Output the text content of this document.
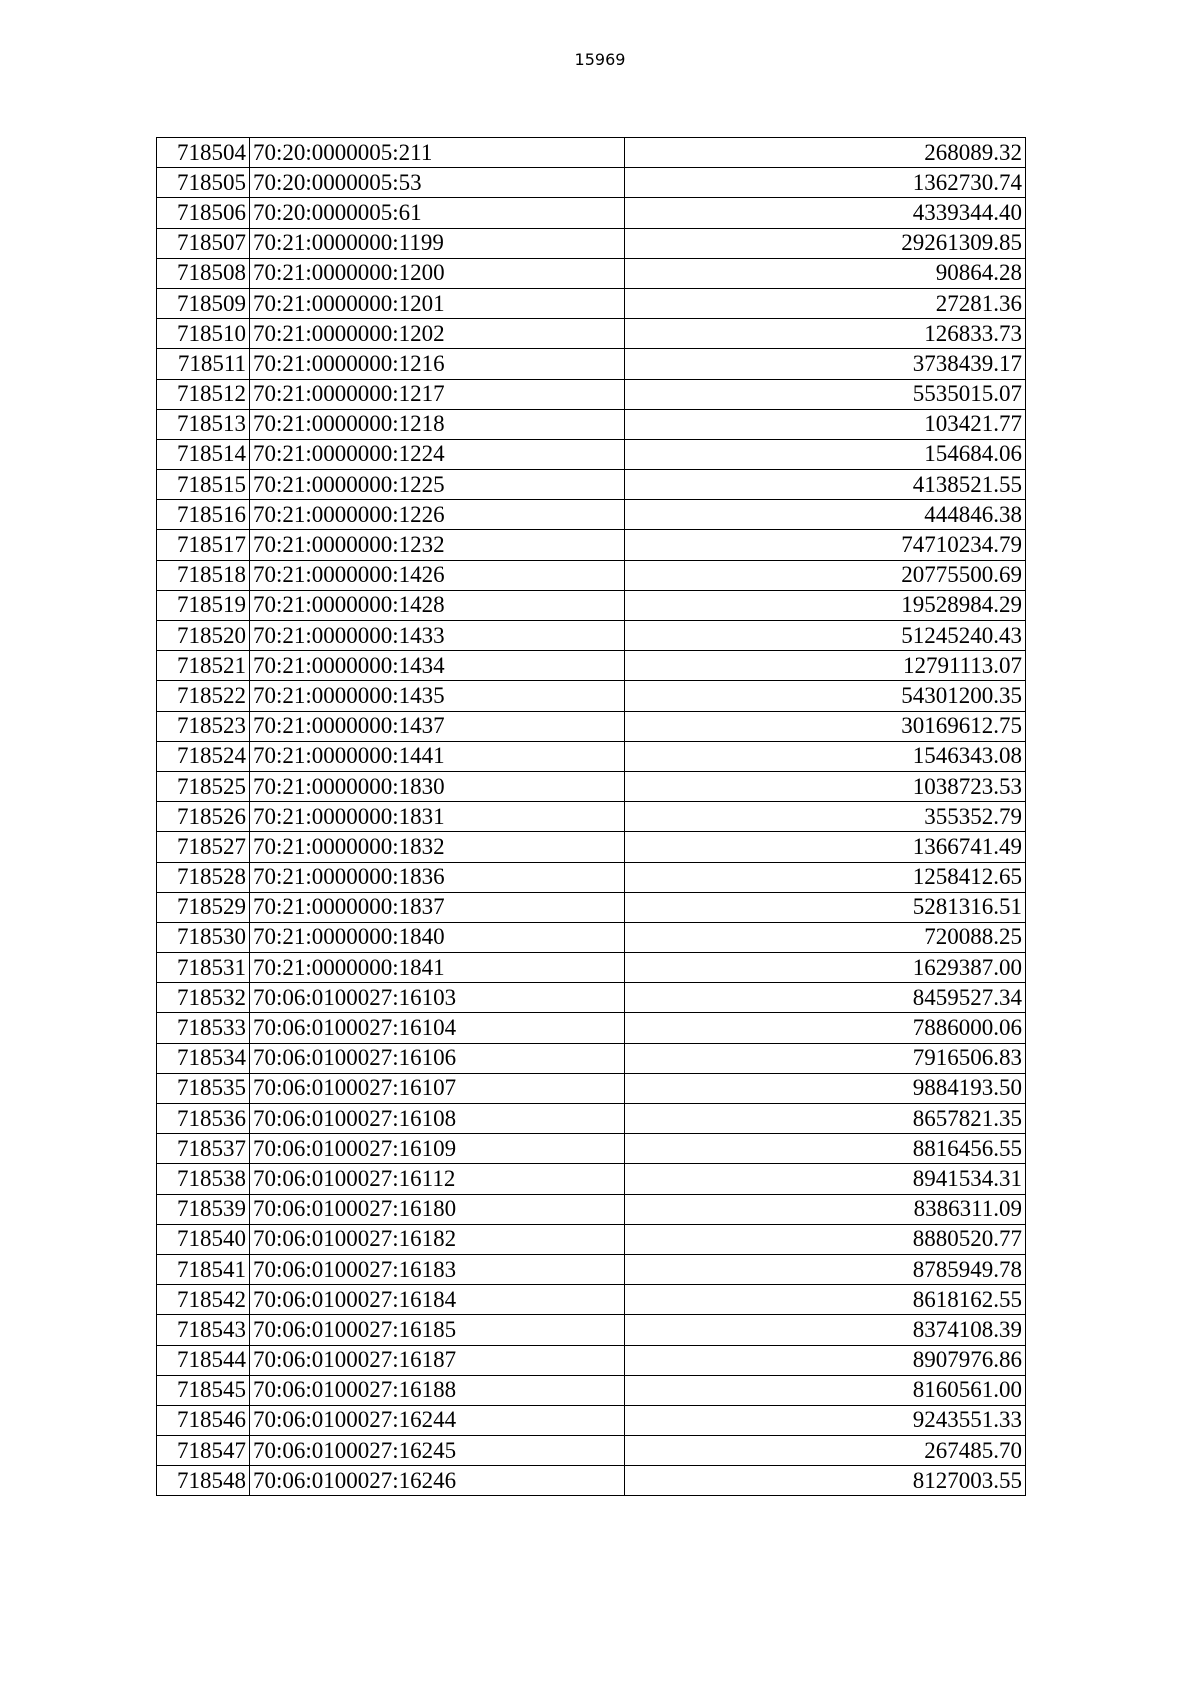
15969
718504	70:20:0000005:211	268089.32
718505	70:20:0000005:53	1362730.74
718506	70:20:0000005:61	4339344.40
718507	70:21:0000000:1199	29261309.85
718508	70:21:0000000:1200	90864.28
718509	70:21:0000000:1201	27281.36
718510	70:21:0000000:1202	126833.73
718511	70:21:0000000:1216	3738439.17
718512	70:21:0000000:1217	5535015.07
718513	70:21:0000000:1218	103421.77
718514	70:21:0000000:1224	154684.06
718515	70:21:0000000:1225	4138521.55
718516	70:21:0000000:1226	444846.38
718517	70:21:0000000:1232	74710234.79
718518	70:21:0000000:1426	20775500.69
718519	70:21:0000000:1428	19528984.29
718520	70:21:0000000:1433	51245240.43
718521	70:21:0000000:1434	12791113.07
718522	70:21:0000000:1435	54301200.35
718523	70:21:0000000:1437	30169612.75
718524	70:21:0000000:1441	1546343.08
718525	70:21:0000000:1830	1038723.53
718526	70:21:0000000:1831	355352.79
718527	70:21:0000000:1832	1366741.49
718528	70:21:0000000:1836	1258412.65
718529	70:21:0000000:1837	5281316.51
718530	70:21:0000000:1840	720088.25
718531	70:21:0000000:1841	1629387.00
718532	70:06:0100027:16103	8459527.34
718533	70:06:0100027:16104	7886000.06
718534	70:06:0100027:16106	7916506.83
718535	70:06:0100027:16107	9884193.50
718536	70:06:0100027:16108	8657821.35
718537	70:06:0100027:16109	8816456.55
718538	70:06:0100027:16112	8941534.31
718539	70:06:0100027:16180	8386311.09
718540	70:06:0100027:16182	8880520.77
718541	70:06:0100027:16183	8785949.78
718542	70:06:0100027:16184	8618162.55
718543	70:06:0100027:16185	8374108.39
718544	70:06:0100027:16187	8907976.86
718545	70:06:0100027:16188	8160561.00
718546	70:06:0100027:16244	9243551.33
718547	70:06:0100027:16245	267485.70
718548	70:06:0100027:16246	8127003.55
